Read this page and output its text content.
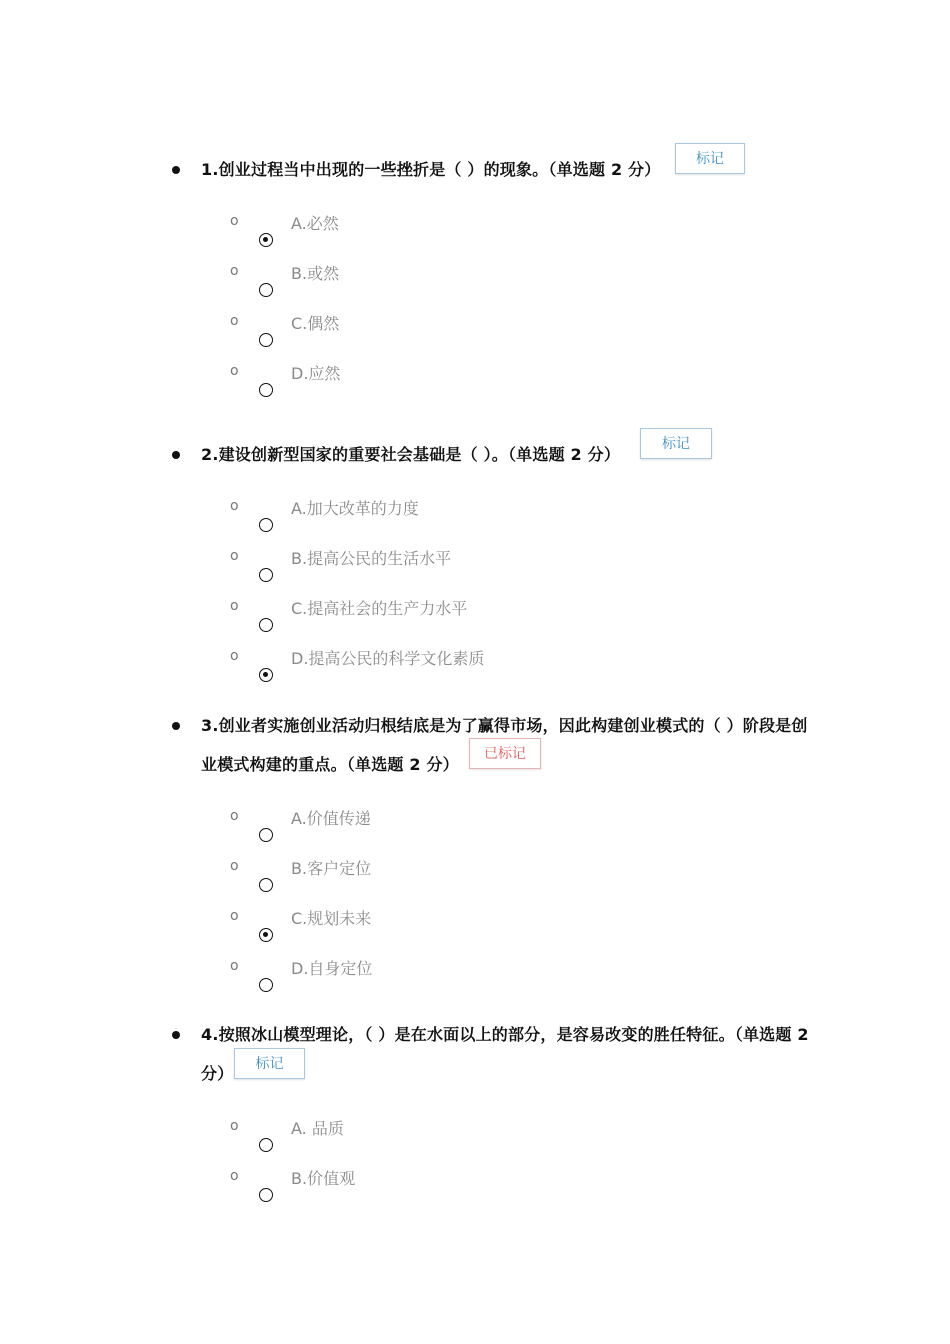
1.创业过程当中出现的一些挫折是（ ）的现象。（单选题 2 分）
标记
o	A.必然
o	B.或然
o	C.偶然
o	D.应然
2.建设创新型国家的重要社会基础是（ ）。（单选题 2 分）
标记
o	A.加大改革的力度
o	B.提高公民的生活水平
o	C.提高社会的生产力水平
o	D.提高公民的科学文化素质
3.创业者实施创业活动归根结底是为了赢得市场，因此构建创业模式的（ ）阶段是创业模式构建的重点。（单选题 2 分）
已标记
o	A.价值传递
o	B.客户定位
o	C.规划未来
o	D.自身定位
4.按照冰山模型理论，（ ）是在水面以上的部分，是容易改变的胜任特征。（单选题 2 分）	标记
o	A. 品质
o	B.价值观
